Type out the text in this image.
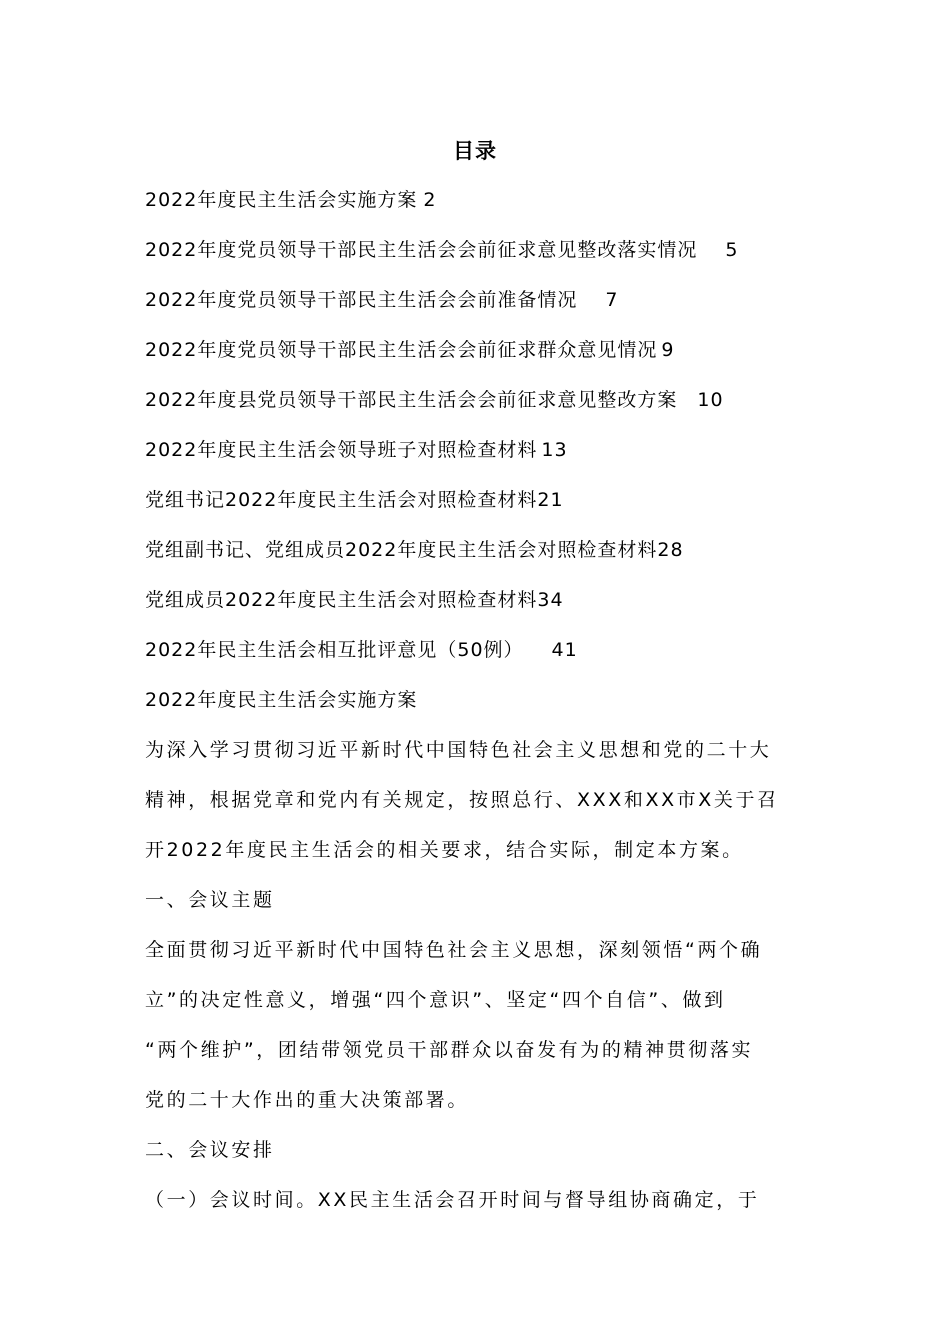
目录
2022年度民主生活会实施方案 2
2022年度党员领导干部民主生活会会前征求意见整改落实情况 5
2022年度党员领导干部民主生活会会前准备情况 7
2022年度党员领导干部民主生活会会前征求群众意见情况 9
2022年度县党员领导干部民主生活会会前征求意见整改方案 10
2022年度民主生活会领导班子对照检查材料 13
党组书记2022年度民主生活会对照检查材料21
党组副书记、党组成员2022年度民主生活会对照检查材料28
党组成员2022年度民主生活会对照检查材料34
2022年民主生活会相互批评意见（50例） 41
2022年度民主生活会实施方案
为深入学习贯彻习近平新时代中国特色社会主义思想和党的二十大
精神，根据党章和党内有关规定，按照总行、XXX和XX市X关于召
开2022年度民主生活会的相关要求，结合实际，制定本方案。
一、会议主题
全面贯彻习近平新时代中国特色社会主义思想，深刻领悟“两个确
立”的决定性意义，增强“四个意识”、坚定“四个自信”、做到
“两个维护”，团结带领党员干部群众以奋发有为的精神贯彻落实
党的二十大作出的重大决策部署。
二、会议安排
（一）会议时间。XX民主生活会召开时间与督导组协商确定，于
